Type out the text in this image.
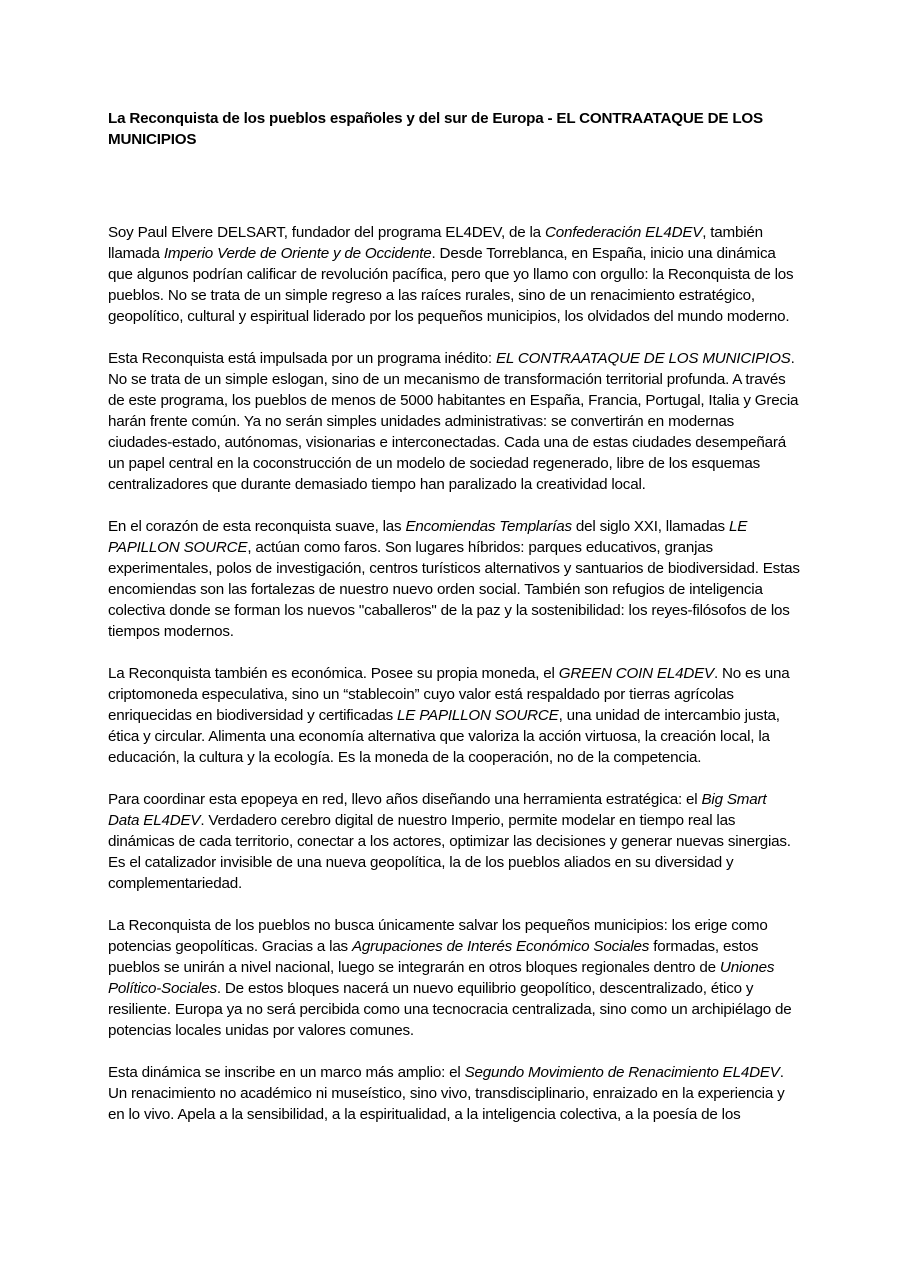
La Reconquista de los pueblos españoles y del sur de Europa - EL CONTRAATAQUE DE LOS MUNICIPIOS

Soy Paul Elvere DELSART, fundador del programa EL4DEV, de la Confederación EL4DEV, también llamada Imperio Verde de Oriente y de Occidente. Desde Torreblanca, en España, inicio una dinámica que algunos podrían calificar de revolución pacífica, pero que yo llamo con orgullo: la Reconquista de los pueblos. No se trata de un simple regreso a las raíces rurales, sino de un renacimiento estratégico, geopolítico, cultural y espiritual liderado por los pequeños municipios, los olvidados del mundo moderno.

Esta Reconquista está impulsada por un programa inédito: EL CONTRAATAQUE DE LOS MUNICIPIOS. No se trata de un simple eslogan, sino de un mecanismo de transformación territorial profunda. A través de este programa, los pueblos de menos de 5000 habitantes en España, Francia, Portugal, Italia y Grecia harán frente común. Ya no serán simples unidades administrativas: se convertirán en modernas ciudades-estado, autónomas, visionarias e interconectadas. Cada una de estas ciudades desempeñará un papel central en la coconstrucción de un modelo de sociedad regenerado, libre de los esquemas centralizadores que durante demasiado tiempo han paralizado la creatividad local.

En el corazón de esta reconquista suave, las Encomiendas Templarías del siglo XXI, llamadas LE PAPILLON SOURCE, actúan como faros. Son lugares híbridos: parques educativos, granjas experimentales, polos de investigación, centros turísticos alternativos y santuarios de biodiversidad. Estas encomiendas son las fortalezas de nuestro nuevo orden social. También son refugios de inteligencia colectiva donde se forman los nuevos "caballeros" de la paz y la sostenibilidad: los reyes-filósofos de los tiempos modernos.

La Reconquista también es económica. Posee su propia moneda, el GREEN COIN EL4DEV. No es una criptomoneda especulativa, sino un “stablecoin” cuyo valor está respaldado por tierras agrícolas enriquecidas en biodiversidad y certificadas LE PAPILLON SOURCE, una unidad de intercambio justa, ética y circular. Alimenta una economía alternativa que valoriza la acción virtuosa, la creación local, la educación, la cultura y la ecología. Es la moneda de la cooperación, no de la competencia.

Para coordinar esta epopeya en red, llevo años diseñando una herramienta estratégica: el Big Smart Data EL4DEV. Verdadero cerebro digital de nuestro Imperio, permite modelar en tiempo real las dinámicas de cada territorio, conectar a los actores, optimizar las decisiones y generar nuevas sinergias. Es el catalizador invisible de una nueva geopolítica, la de los pueblos aliados en su diversidad y complementariedad.

La Reconquista de los pueblos no busca únicamente salvar los pequeños municipios: los erige como potencias geopolíticas. Gracias a las Agrupaciones de Interés Económico Sociales formadas, estos pueblos se unirán a nivel nacional, luego se integrarán en otros bloques regionales dentro de Uniones Político-Sociales. De estos bloques nacerá un nuevo equilibrio geopolítico, descentralizado, ético y resiliente. Europa ya no será percibida como una tecnocracia centralizada, sino como un archipiélago de potencias locales unidas por valores comunes.

Esta dinámica se inscribe en un marco más amplio: el Segundo Movimiento de Renacimiento EL4DEV. Un renacimiento no académico ni museístico, sino vivo, transdisciplinario, enraizado en la experiencia y en lo vivo. Apela a la sensibilidad, a la espiritualidad, a la inteligencia colectiva, a la poesía de los
